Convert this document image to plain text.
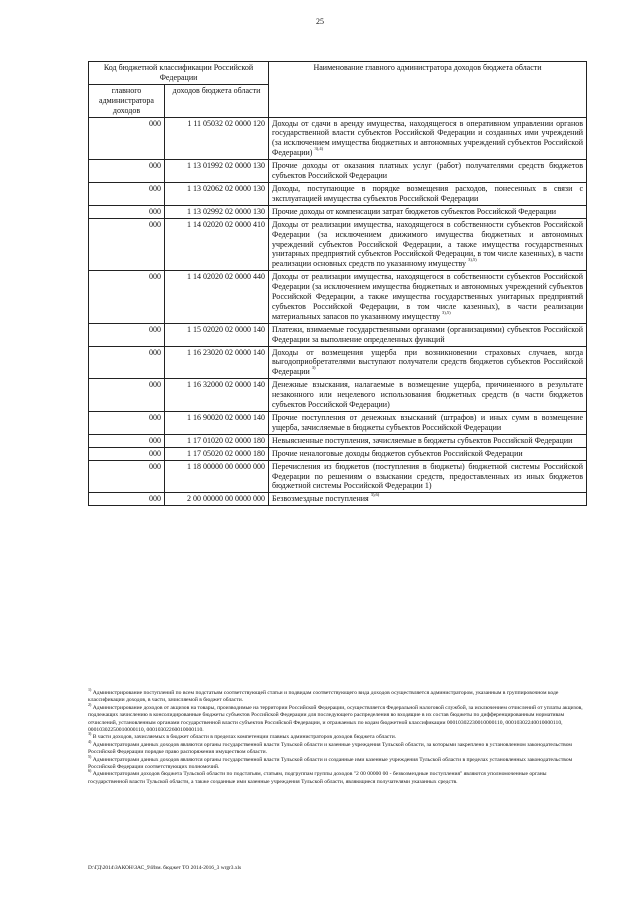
25
Код бюджетной классификации Российской Федерации		Наименование главного администратора доходов бюджета области
главного администратора доходов	доходов бюджета области	
000	1 11 05032 02 0000 120	Доходы от сдачи в аренду имущества, находящегося в оперативном управлении органов государственной власти субъектов Российской Федерации и созданных ими учреждений (за исключением имущества бюджетных и автономных учреждений субъектов Российской Федерации) $^{3),4)}$
000	1 13 01992 02 0000 130	Прочие доходы от оказания платных услуг (работ) получателями средств бюджетов субъектов Российской Федерации
000	1 13 02062 02 0000 130	Доходы, поступающие в порядке возмещения расходов, понесенных в связи с эксплуатацией имущества субъектов Российской Федерации
000	1 13 02992 02 0000 130	Прочие доходы от компенсации затрат бюджетов субъектов Российской Федерации
000	1 14 02020 02 0000 410	Доходы от реализации имущества, находящегося в собственности субъектов Российской Федерации (за исключением движимого имущества бюджетных и автономных учреждений субъектов Российской Федерации, а также имущества государственных унитарных предприятий субъектов Российской Федерации, в том числе казенных), в части реализации основных средств по указанному имуществу $^{3),5)}$
000	1 14 02020 02 0000 440	Доходы от реализации имущества, находящегося в собственности субъектов Российской Федерации (за исключением имущества бюджетных и автономных учреждений субъектов Российской Федерации, а также имущества государственных унитарных предприятий субъектов Российской Федерации, в том числе казенных), в части реализации материальных запасов по указанному имуществу $^{3),5)}$
000	1 15 02020 02 0000 140	Платежи, взимаемые государственными органами (организациями) субъектов Российской Федерации за выполнение определенных функций
000	1 16 23020 02 0000 140	Доходы от возмещения ущерба при возникновении страховых случаев, когда выгодоприобретателями выступают получатели средств бюджетов субъектов Российской Федерации $^{3)}$
000	1 16 32000 02 0000 140	Денежные взыскания, налагаемые в возмещение ущерба, причиненного в результате незаконного или нецелевого использования бюджетных средств (в части бюджетов субъектов Российской Федерации)
000	1 16 90020 02 0000 140	Прочие поступления от денежных взысканий (штрафов) и иных сумм в возмещение ущерба, зачисляемые в бюджеты субъектов Российской Федерации
000	1 17 01020 02 0000 180	Невыясненные поступления, зачисляемые в бюджеты субъектов Российской Федерации
000	1 17 05020 02 0000 180	Прочие неналоговые доходы бюджетов субъектов Российской Федерации
000	1 18 00000 00 0000 000	Перечисления из бюджетов (поступления в бюджеты) бюджетной системы Российской Федерации по решениям о взыскании средств, предоставленных из иных бюджетов бюджетной системы Российской Федерации 1)
000	2 00 00000 00 0000 000	Безвозмездные поступления $^{3),6)}$

$^{1)}$ Администрирование поступлений по всем подстатьям соответствующей статьи и подвидам соответствующего вида доходов осуществляется администратором, указанным в группировочном коде классификации доходов, в части, зачисляемой в бюджет области.

$^{2)}$ Администрирование доходов от акцизов на товары, производимые на территории Российской Федерации, осуществляется Федеральной налоговой службой, за исключением отчислений от уплаты акцизов, подлежащих зачислению в консолидированные бюджеты субъектов Российской Федерации для последующего распределения во входящие в их состав бюджеты по дифференцированным нормативам отчислений, установленным органами государственной власти субъектов Российской Федерации, и отражаемых по кодам бюджетной классификации 00010302230010000110, 00010302240010000110, 00010302250010000110, 00010302260010000110.

$^{3)}$ В части доходов, зачисляемых в бюджет области в пределах компетенции главных администраторов доходов бюджета области.

$^{4)}$ Администраторами данных доходов являются органы государственной власти Тульской области и казенные учреждения Тульской области, за которыми закреплено в установленном законодательством Российской Федерации порядке право распоряжения имуществом области.

$^{5)}$ Администраторами данных доходов являются органы государственной власти Тульской области и созданные ими казенные учреждения Тульской области в пределах установленных законодательством Российской Федерации соответствующих полномочий.

$^{6)}$ Администраторами доходов бюджета Тульской области по подстатьям, статьям, подгруппам группы доходов "2 00 00000 00 - безвозмездные поступления" являются уполномоченные органы государственной власти Тульской области, а также созданные ими казенные учреждения Тульской области, являющиеся получателями указанных средств.

D:\ГД\2014\ЗАКОН\ЗАС_9\Изм. бюджет ТО 2014-2016_3 wrgr3.xls
